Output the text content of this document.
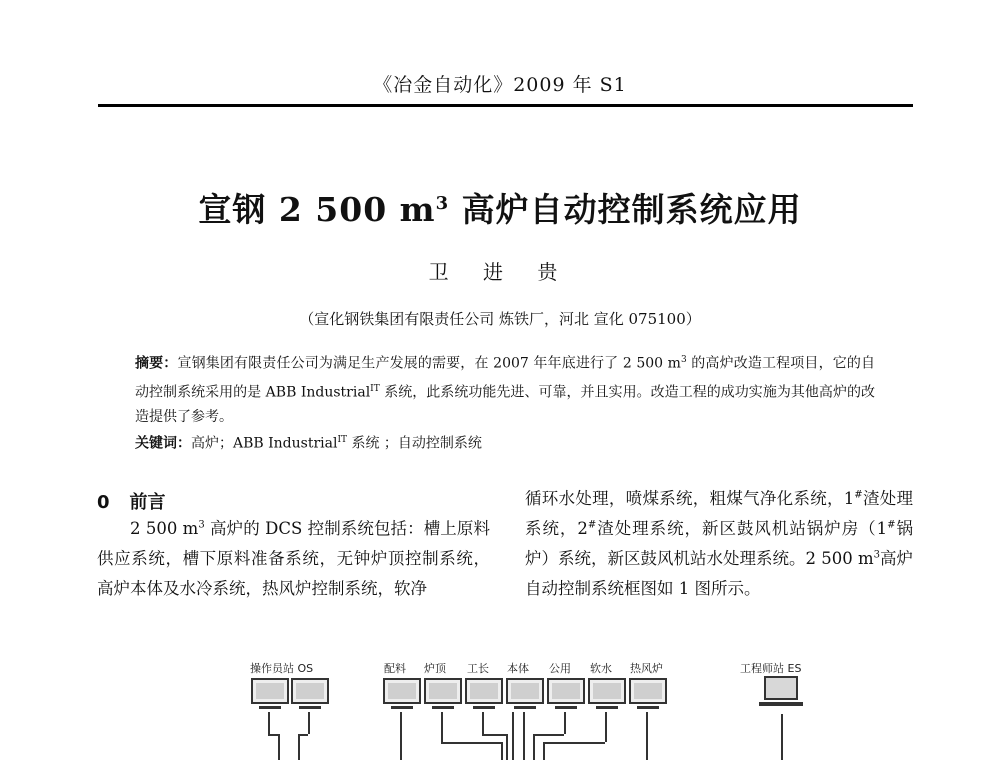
《冶金自动化》2009 年 S1
宣钢 2 500 $m^3$ 高炉自动控制系统应用
卫 进 贵
（宣化钢铁集团有限责任公司 炼铁厂，河北 宣化 075100）
摘要：宣钢集团有限责任公司为满足生产发展的需要，在 2007 年年底进行了 2 500 $m^3$ 的高炉改造工程项目，它的自动控制系统采用的是 ABB Industrial$^{IT}$ 系统，此系统功能先进、可靠，并且实用。改造工程的成功实施为其他高炉的改造提供了参考。
关键词：高炉；ABB Industrial$^{IT}$ 系统 ；自动控制系统
0 前言
2 500 $m^3$ 高炉的 DCS 控制系统包括：槽上原料供应系统，槽下原料准备系统，无钟炉顶控制系统，高炉本体及水冷系统，热风炉控制系统，软净
循环水处理，喷煤系统，粗煤气净化系统，1#渣处理系统，2#渣处理系统，新区鼓风机站锅炉房（1#锅炉）系统，新区鼓风机站水处理系统。2 500 $m^3$高炉自动控制系统框图如 1 图所示。
操作员站 OS	工程师站 ES
配料 炉顶 工长 本体 公用 软水 热风炉
